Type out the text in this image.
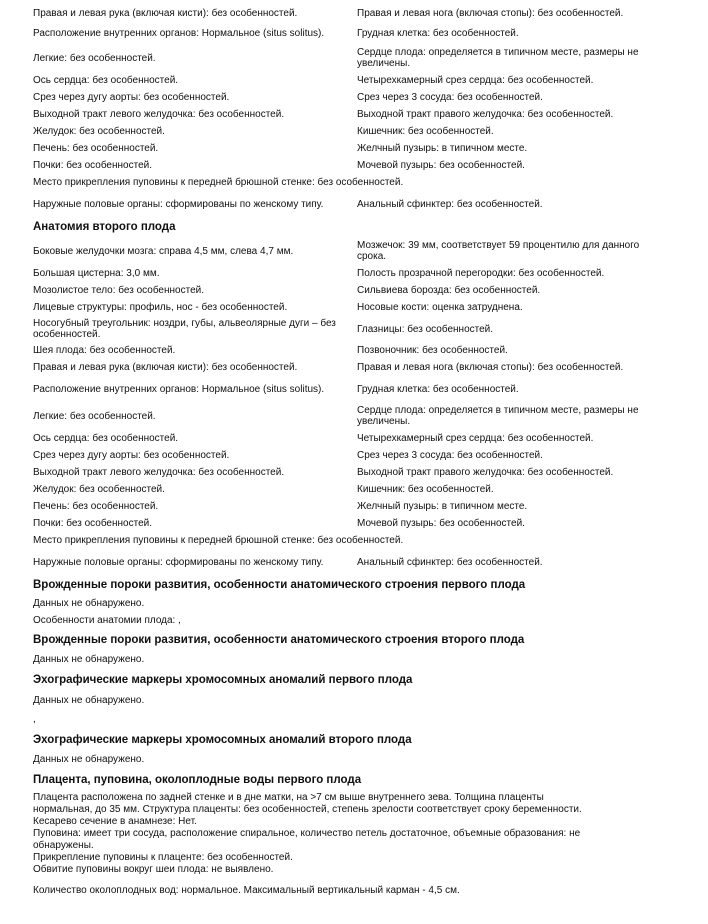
Правая и левая рука (включая кисти): без особенностей.	Правая и левая нога (включая стопы): без особенностей.
Расположение внутренних органов: Нормальное (situs solitus).	Грудная клетка: без особенностей.
Легкие: без особенностей.	Сердце плода: определяется в типичном месте, размеры не увеличены.
Ось сердца: без особенностей.	Четырехкамерный срез сердца: без особенностей.
Срез через дугу аорты: без особенностей.	Срез через 3 сосуда: без особенностей.
Выходной тракт левого желудочка: без особенностей.	Выходной тракт правого желудочка: без особенностей.
Желудок: без особенностей.	Кишечник: без особенностей.
Печень: без особенностей.	Желчный пузырь: в типичном месте.
Почки: без особенностей.	Мочевой пузырь: без особенностей.
Место прикрепления пуповины к передней брюшной стенке: без особенностей.
Наружные половые органы: сформированы по женскому типу.	Анальный сфинктер: без особенностей.
Анатомия второго плода
Боковые желудочки мозга: справа 4,5 мм, слева 4,7 мм.	Мозжечок: 39 мм, соответствует 59 процентилю для данного срока.
Большая цистерна: 3,0 мм.	Полость прозрачной перегородки: без особенностей.
Мозолистое тело: без особенностей.	Сильвиева борозда: без особенностей.
Лицевые структуры: профиль, нос - без особенностей.	Носовые кости: оценка затруднена.
Носогубный треугольник: ноздри, губы, альвеолярные дуги – без особенностей.	Глазницы: без особенностей.
Шея плода: без особенностей.	Позвоночник: без особенностей.
Правая и левая рука (включая кисти): без особенностей.	Правая и левая нога (включая стопы): без особенностей.
Расположение внутренних органов: Нормальное (situs solitus).	Грудная клетка: без особенностей.
Легкие: без особенностей.	Сердце плода: определяется в типичном месте, размеры не увеличены.
Ось сердца: без особенностей.	Четырехкамерный срез сердца: без особенностей.
Срез через дугу аорты: без особенностей.	Срез через 3 сосуда: без особенностей.
Выходной тракт левого желудочка: без особенностей.	Выходной тракт правого желудочка: без особенностей.
Желудок: без особенностей.	Кишечник: без особенностей.
Печень: без особенностей.	Желчный пузырь: в типичном месте.
Почки: без особенностей.	Мочевой пузырь: без особенностей.
Место прикрепления пуповины к передней брюшной стенке: без особенностей.
Наружные половые органы: сформированы по женскому типу.	Анальный сфинктер: без особенностей.
Врожденные пороки развития, особенности анатомического строения первого плода
Данных не обнаружено.
Особенности анатомии плода: ,
Врожденные пороки развития, особенности анатомического строения второго плода
Данных не обнаружено.
Эхографические маркеры хромосомных аномалий первого плода
Данных не обнаружено.
,
Эхографические маркеры хромосомных аномалий второго плода
Данных не обнаружено.
Плацента, пуповина, околоплодные воды первого плода
Плацента расположена по задней стенке и в дне матки, на >7 см выше внутреннего зева. Толщина плаценты
нормальная, до 35 мм. Структура плаценты: без особенностей, степень зрелости соответствует сроку беременности.
Кесарево сечение в анамнезе: Нет.
Пуповина: имеет три сосуда, расположение спиральное, количество петель достаточное, объемные образования: не
обнаружены.
Прикрепление пуповины к плаценте: без особенностей.
Обвитие пуповины вокруг шеи плода: не выявлено.
Количество околоплодных вод: нормальное. Максимальный вертикальный карман - 4,5 см.
